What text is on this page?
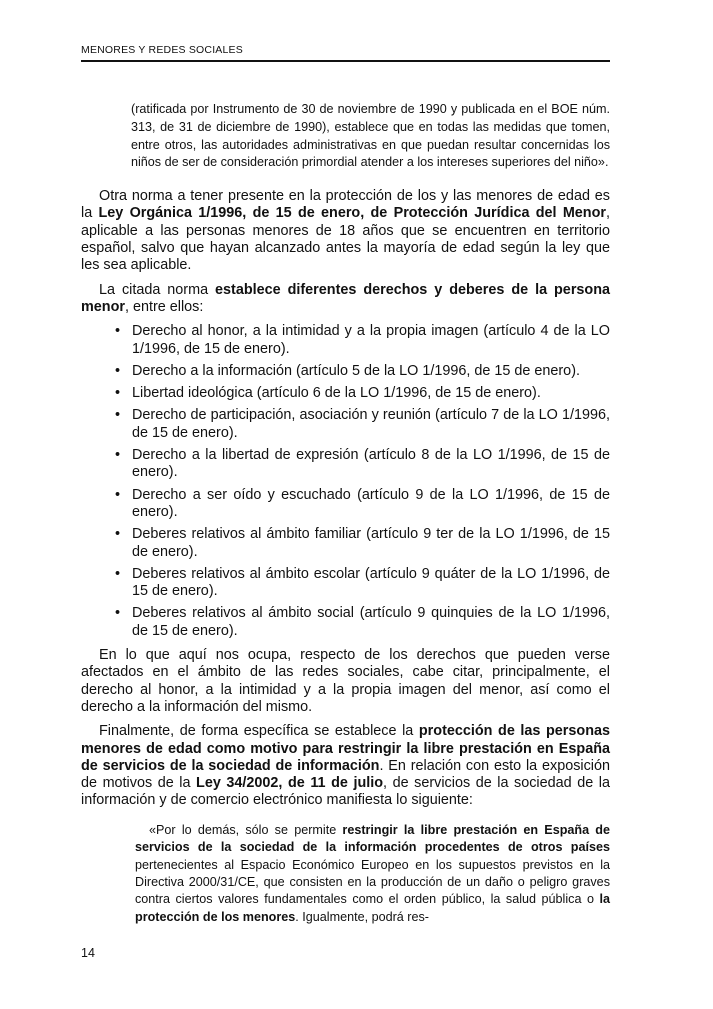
MENORES Y REDES SOCIALES
(ratificada por Instrumento de 30 de noviembre de 1990 y publicada en el BOE núm. 313, de 31 de diciembre de 1990), establece que en todas las medidas que tomen, entre otros, las autoridades administrativas en que puedan resultar concernidas los niños de ser de consideración primordial atender a los intereses superiores del niño».

Otra norma a tener presente en la protección de los y las menores de edad es la Ley Orgánica 1/1996, de 15 de enero, de Protección Jurídica del Menor, aplicable a las personas menores de 18 años que se encuentren en territorio español, salvo que hayan alcanzado antes la mayoría de edad según la ley que les sea aplicable.

La citada norma establece diferentes derechos y deberes de la persona menor, entre ellos:

• Derecho al honor, a la intimidad y a la propia imagen (artículo 4 de la LO 1/1996, de 15 de enero).
• Derecho a la información (artículo 5 de la LO 1/1996, de 15 de enero).
• Libertad ideológica (artículo 6 de la LO 1/1996, de 15 de enero).
• Derecho de participación, asociación y reunión (artículo 7 de la LO 1/1996, de 15 de enero).
• Derecho a la libertad de expresión (artículo 8 de la LO 1/1996, de 15 de enero).
• Derecho a ser oído y escuchado (artículo 9 de la LO 1/1996, de 15 de enero).
• Deberes relativos al ámbito familiar (artículo 9 ter de la LO 1/1996, de 15 de enero).
• Deberes relativos al ámbito escolar (artículo 9 quáter de la LO 1/1996, de 15 de enero).
• Deberes relativos al ámbito social (artículo 9 quinquies de la LO 1/1996, de 15 de enero).

En lo que aquí nos ocupa, respecto de los derechos que pueden verse afectados en el ámbito de las redes sociales, cabe citar, principalmente, el derecho al honor, a la intimidad y a la propia imagen del menor, así como el derecho a la información del mismo.

Finalmente, de forma específica se establece la protección de las personas menores de edad como motivo para restringir la libre prestación en España de servicios de la sociedad de información. En relación con esto la exposición de motivos de la Ley 34/2002, de 11 de julio, de servicios de la sociedad de la información y de comercio electrónico manifiesta lo siguiente:

«Por lo demás, sólo se permite restringir la libre prestación en España de servicios de la sociedad de la información procedentes de otros países pertenecientes al Espacio Económico Europeo en los supuestos previstos en la Directiva 2000/31/CE, que consisten en la producción de un daño o peligro graves contra ciertos valores fundamentales como el orden público, la salud pública o la protección de los menores. Igualmente, podrá res-
14
